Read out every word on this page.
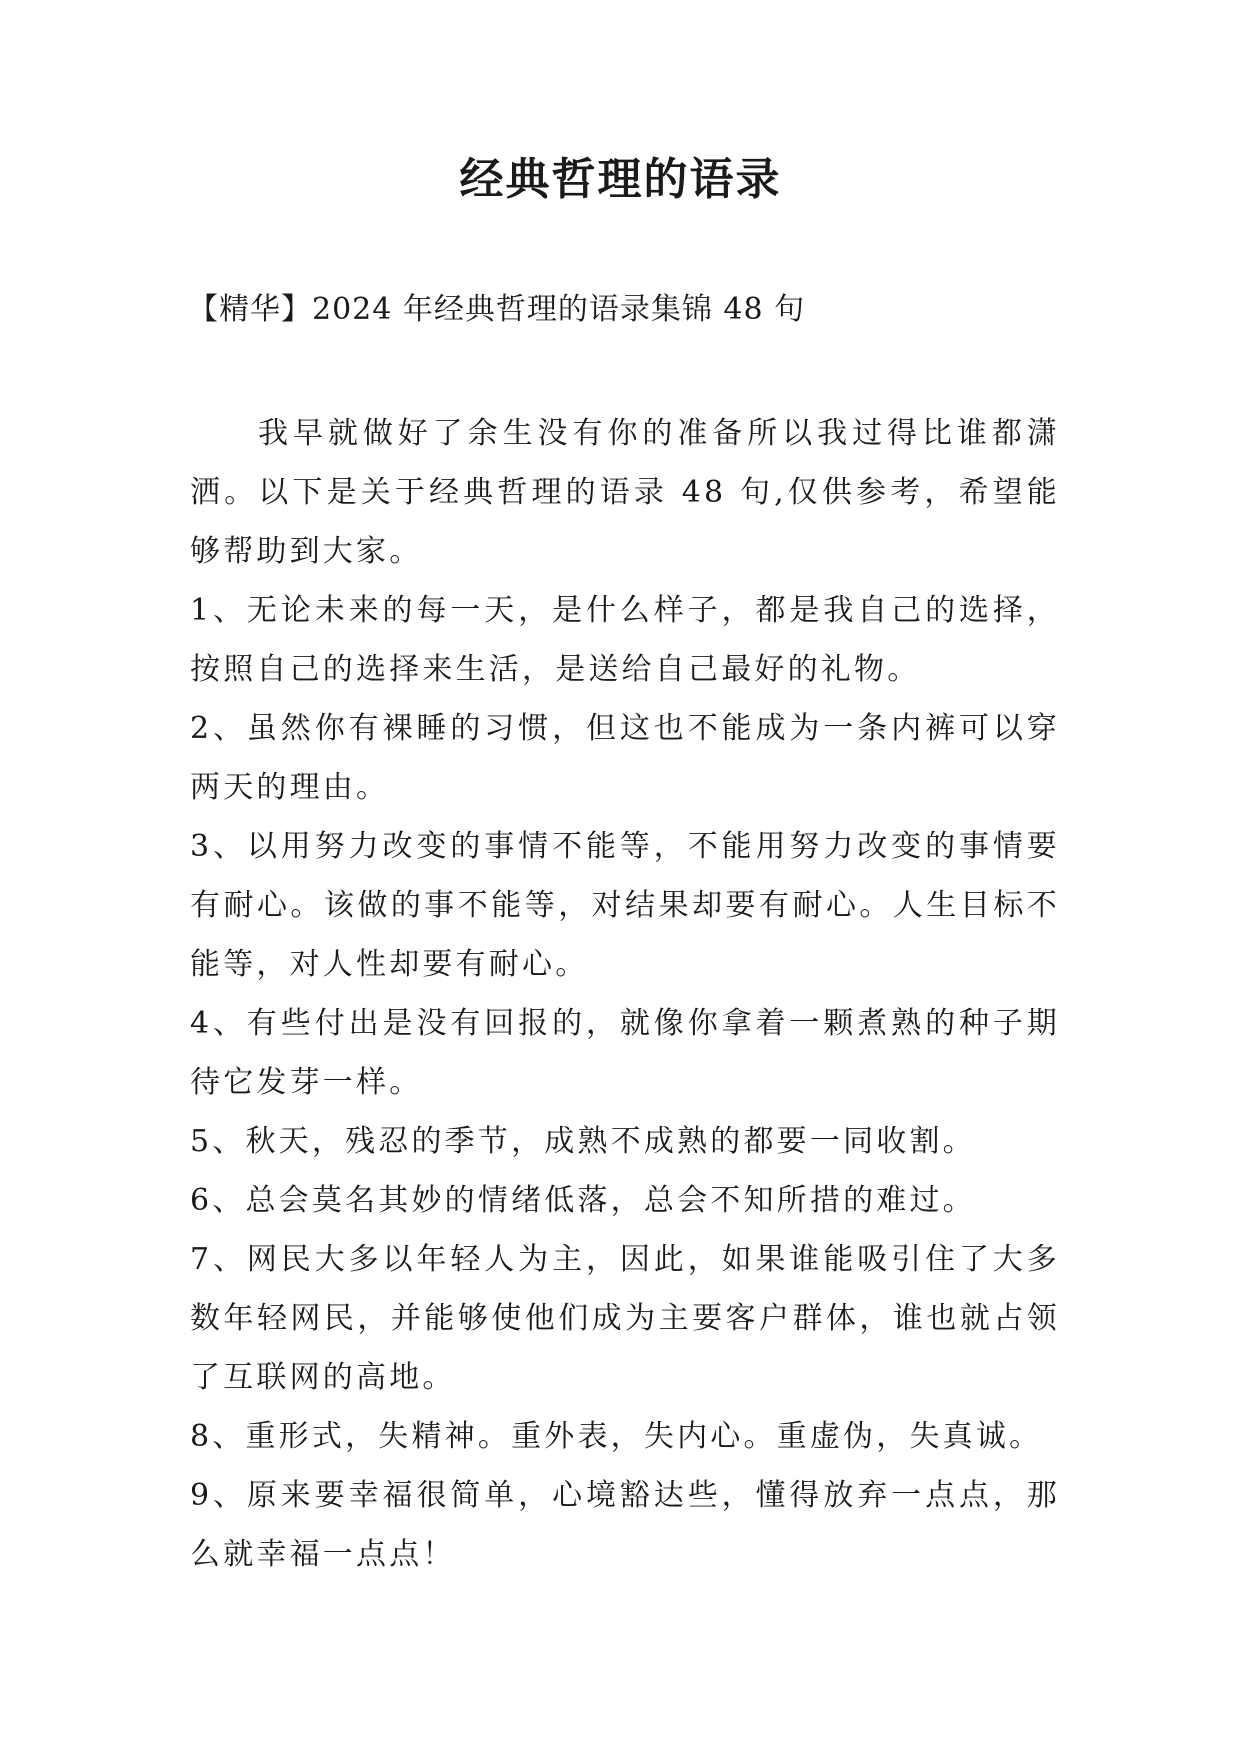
经典哲理的语录
【精华】2024 年经典哲理的语录集锦 48 句

我早就做好了余生没有你的准备所以我过得比谁都潇洒。以下是关于经典哲理的语录 48 句,仅供参考，希望能够帮助到大家。

1、无论未来的每一天，是什么样子，都是我自己的选择，按照自己的选择来生活，是送给自己最好的礼物。

2、虽然你有裸睡的习惯，但这也不能成为一条内裤可以穿两天的理由。

3、以用努力改变的事情不能等，不能用努力改变的事情要有耐心。该做的事不能等，对结果却要有耐心。人生目标不能等，对人性却要有耐心。

4、有些付出是没有回报的，就像你拿着一颗煮熟的种子期待它发芽一样。

5、秋天，残忍的季节，成熟不成熟的都要一同收割。

6、总会莫名其妙的情绪低落，总会不知所措的难过。

7、网民大多以年轻人为主，因此，如果谁能吸引住了大多数年轻网民，并能够使他们成为主要客户群体，谁也就占领了互联网的高地。

8、重形式，失精神。重外表，失内心。重虚伪，失真诚。

9、原来要幸福很简单，心境豁达些，懂得放弃一点点，那么就幸福一点点！
